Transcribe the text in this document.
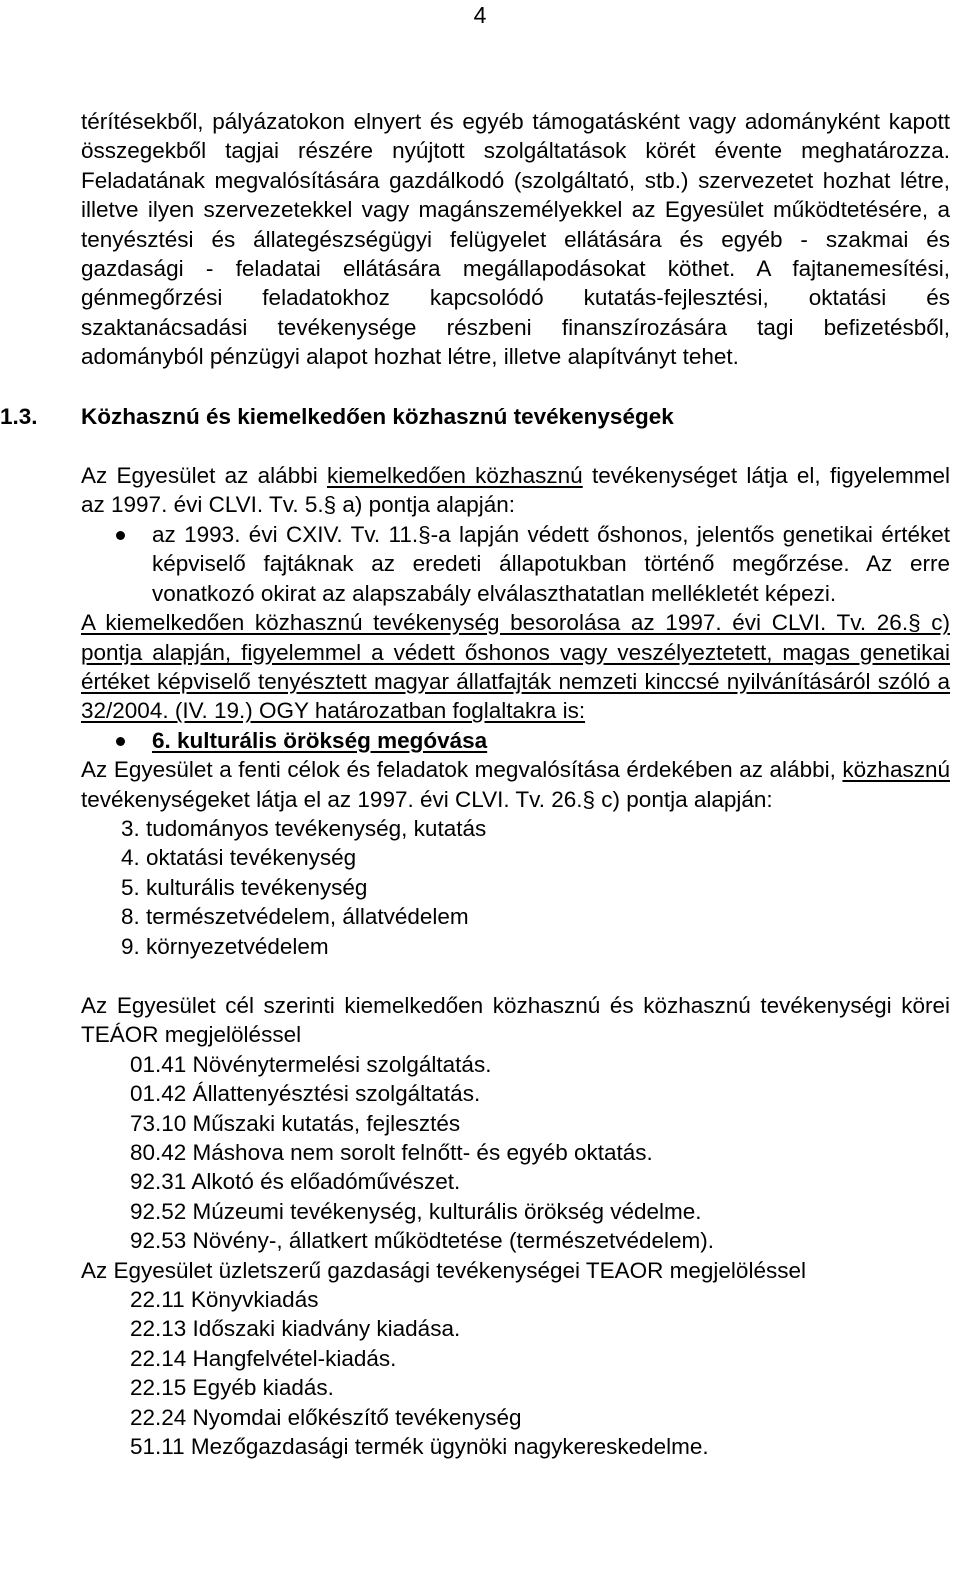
4

térítésekből, pályázatokon elnyert és egyéb támogatásként vagy adományként kapott összegekből tagjai részére nyújtott szolgáltatások körét évente meghatározza. Feladatának megvalósítására gazdálkodó (szolgáltató, stb.) szervezetet hozhat létre, illetve ilyen szervezetekkel vagy magánszemélyekkel az Egyesület működtetésére, a tenyésztési és állategészségügyi felügyelet ellátására és egyéb - szakmai és gazdasági - feladatai ellátására megállapodásokat köthet. A fajtanemesítési, génmegőrzési feladatokhoz kapcsolódó kutatás-fejlesztési, oktatási és szaktanácsadási tevékenysége részbeni finanszírozására tagi befizetésből, adományból pénzügyi alapot hozhat létre, illetve alapítványt tehet.

1.3. Közhasznú és kiemelkedően közhasznú tevékenységek

Az Egyesület az alábbi kiemelkedően közhasznú tevékenységet látja el, figyelemmel az 1997. évi CLVI. Tv. 5.§ a) pontja alapján:

az 1993. évi CXIV. Tv. 11.§-a lapján védett őshonos, jelentős genetikai értéket képviselő fajtáknak az eredeti állapotukban történő megőrzése. Az erre vonatkozó okirat az alapszabály elválaszthatatlan mellékletét képezi.

A kiemelkedően közhasznú tevékenység besorolása az 1997. évi CLVI. Tv. 26.§ c) pontja alapján, figyelemmel a védett őshonos vagy veszélyeztetett, magas genetikai értéket képviselő tenyésztett magyar állatfajták nemzeti kinccsé nyilvánításáról szóló a 32/2004. (IV. 19.) OGY határozatban foglaltakra is:

6. kulturális örökség megóvása

Az Egyesület a fenti célok és feladatok megvalósítása érdekében az alábbi, közhasznú tevékenységeket látja el az 1997. évi CLVI. Tv. 26.§ c) pontja alapján:

3. tudományos tevékenység, kutatás
4. oktatási tevékenység
5. kulturális tevékenység
8. természetvédelem, állatvédelem
9. környezetvédelem

Az Egyesület cél szerinti kiemelkedően közhasznú és közhasznú tevékenységi körei TEÁOR megjelöléssel

01.41 Növénytermelési szolgáltatás.
01.42 Állattenyésztési szolgáltatás.
73.10 Műszaki kutatás, fejlesztés
80.42 Máshova nem sorolt felnőtt- és egyéb oktatás.
92.31 Alkotó és előadóművészet.
92.52 Múzeumi tevékenység, kulturális örökség védelme.
92.53 Növény-, állatkert működtetése (természetvédelem).

Az Egyesület üzletszerű gazdasági tevékenységei TEAOR megjelöléssel

22.11 Könyvkiadás
22.13 Időszaki kiadvány kiadása.
22.14 Hangfelvétel-kiadás.
22.15 Egyéb kiadás.
22.24 Nyomdai előkészítő tevékenység
51.11 Mezőgazdasági termék ügynöki nagykereskedelme.
